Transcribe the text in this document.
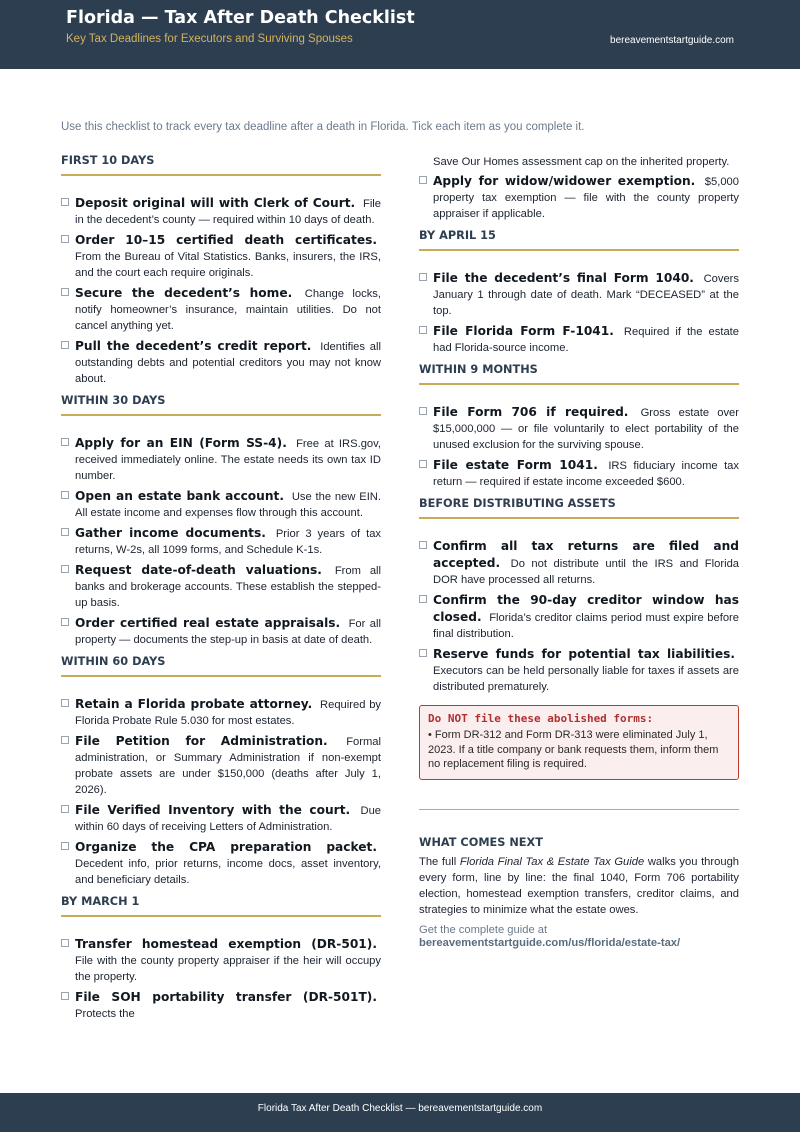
Florida — Tax After Death Checklist
Key Tax Deadlines for Executors and Surviving Spouses	bereavementstartguide.com
Use this checklist to track every tax deadline after a death in Florida. Tick each item as you complete it.
FIRST 10 DAYS
Deposit original will with Clerk of Court. File in the decedent’s county — required within 10 days of death.
Order 10–15 certified death certificates. From the Bureau of Vital Statistics. Banks, insurers, the IRS, and the court each require originals.
Secure the decedent’s home. Change locks, notify homeowner’s insurance, maintain utilities. Do not cancel anything yet.
Pull the decedent’s credit report. Identifies all outstanding debts and potential creditors you may not know about.
WITHIN 30 DAYS
Apply for an EIN (Form SS-4). Free at IRS.gov, received immediately online. The estate needs its own tax ID number.
Open an estate bank account. Use the new EIN. All estate income and expenses flow through this account.
Gather income documents. Prior 3 years of tax returns, W-2s, all 1099 forms, and Schedule K-1s.
Request date-of-death valuations. From all banks and brokerage accounts. These establish the stepped-up basis.
Order certified real estate appraisals. For all property — documents the step-up in basis at date of death.
WITHIN 60 DAYS
Retain a Florida probate attorney. Required by Florida Probate Rule 5.030 for most estates.
File Petition for Administration. Formal administration, or Summary Administration if non-exempt probate assets are under $150,000 (deaths after July 1, 2026).
File Verified Inventory with the court. Due within 60 days of receiving Letters of Administration.
Organize the CPA preparation packet. Decedent info, prior returns, income docs, asset inventory, and beneficiary details.
BY MARCH 1
Transfer homestead exemption (DR-501). File with the county property appraiser if the heir will occupy the property.
File SOH portability transfer (DR-501T). Protects the
Save Our Homes assessment cap on the inherited property.
Apply for widow/widower exemption. $5,000 property tax exemption — file with the county property appraiser if applicable.
BY APRIL 15
File the decedent’s final Form 1040. Covers January 1 through date of death. Mark “DECEASED” at the top.
File Florida Form F-1041. Required if the estate had Florida-source income.
WITHIN 9 MONTHS
File Form 706 if required. Gross estate over $15,000,000 — or file voluntarily to elect portability of the unused exclusion for the surviving spouse.
File estate Form 1041. IRS fiduciary income tax return — required if estate income exceeded $600.
BEFORE DISTRIBUTING ASSETS
Confirm all tax returns are filed and accepted. Do not distribute until the IRS and Florida DOR have processed all returns.
Confirm the 90-day creditor window has closed. Florida’s creditor claims period must expire before final distribution.
Reserve funds for potential tax liabilities. Executors can be held personally liable for taxes if assets are distributed prematurely.
Do NOT file these abolished forms:
• Form DR-312 and Form DR-313 were eliminated July 1, 2023. If a title company or bank requests them, inform them no replacement filing is required.
WHAT COMES NEXT
The full Florida Final Tax & Estate Tax Guide walks you through every form, line by line: the final 1040, Form 706 portability election, homestead exemption transfers, creditor claims, and strategies to minimize what the estate owes.
Get the complete guide at
bereavementstartguide.com/us/florida/estate-tax/
Florida Tax After Death Checklist — bereavementstartguide.com
